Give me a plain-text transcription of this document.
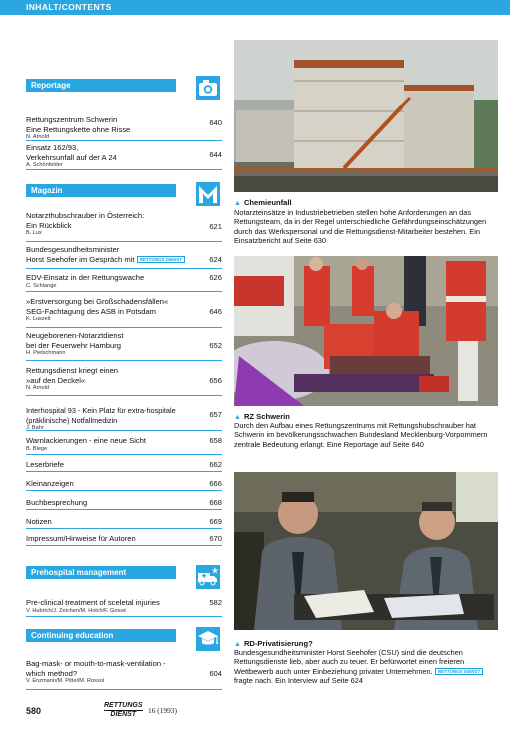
INHALT/CONTENTS
Reportage
Rettungszentrum Schwerin
Eine Rettungskette ohne Risse
N. Arnold
640
Einsatz 162/93,
Verkehrsunfall auf der A 24
A. Schönfelder
644
Magazin
Notarzthubschrauber in Österreich:
Ein Rückblick
B. Lux
621
Bundesgesundheitsminister
Horst Seehofer im Gespräch mit RETTUNGS DIENST	624
EDV-Einsatz in der Rettungswache
C. Schlange
626
»Erstversorgung bei Großschadensfällen«
SEG-Fachtagung des ASB in Potsdam
K. Luszeit
646
Neugeborenen-Notarztdienst
bei der Feuerwehr Hamburg
H. Pietschmann
652
Rettungsdienst kriegt einen
»auf den Deckel«
N. Arnold
656
Interhospital 93 - Kein Platz für extra-hospitale
(präklinische) Notfallmedizin
J. Bahr
657
Warnlackierungen - eine neue Sicht
B. Biege
658
Leserbriefe	662
Kleinanzeigen	666
Buchbesprechung	668
Notizen	669
Impressum/Hinweise für Autoren	670
Prehospital management
Pre-clinical treatment of sceletal injuries
V. Hubrich/J. Zeichen/M. Holch/F. Gossé
582
Continuing education
Bag-mask- or mouth-to-mask-ventilation -
which method?
V. Enzmann/M. Pittel/M. Rossol
604
▲ Chemieunfall
Notarzteinsätze in Industriebetrieben stellen hohe Anforderungen an das Rettungsteam, da in der Regel unterschiedliche Gefährdungseinschätzungen durch das Werkspersonal und die Rettungsdienst-Mitarbeiter bestehen. Ein Einsatzbericht auf Seite 630
▲ RZ Schwerin
Durch den Aufbau eines Rettungszentrums mit Rettungshubschrauber hat Schwerin im bevölkerungsschwachen Bundesland Mecklenburg-Vorpommern zentrale Bedeutung erlangt. Eine Reportage auf Seite 640
▲ RD-Privatisierung?
Bundesgesundheitsminister Horst Seehofer (CSU) sind die deutschen Rettungsdienste lieb, aber auch zu teuer. Er befürwortet einen freieren Wettbewerb auch unter Einbeziehung privater Unternehmen. RETTUNGS DIENST fragte nach. Ein Interview auf Seite 624
580
RETTUNGS
DIENST	16 (1993)
